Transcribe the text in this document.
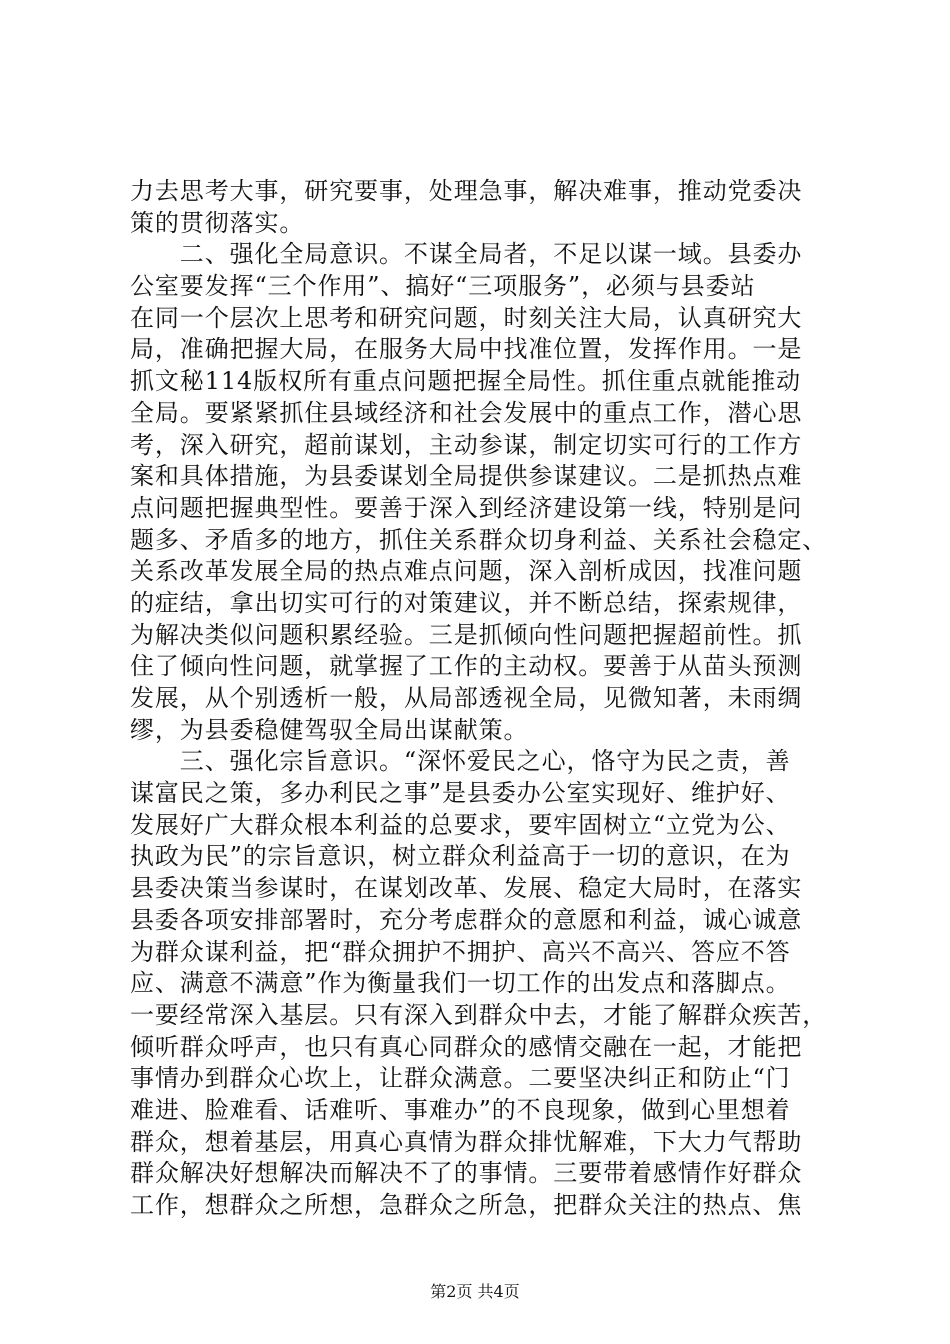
力去思考大事，研究要事，处理急事，解决难事，推动党委决
策的贯彻落实。
　　二、强化全局意识。不谋全局者，不足以谋一域。县委办
公室要发挥“三个作用”、搞好“三项服务”，必须与县委站
在同一个层次上思考和研究问题，时刻关注大局，认真研究大
局，准确把握大局，在服务大局中找准位置，发挥作用。一是
抓文秘114版权所有重点问题把握全局性。抓住重点就能推动
全局。要紧紧抓住县域经济和社会发展中的重点工作，潜心思
考，深入研究，超前谋划，主动参谋，制定切实可行的工作方
案和具体措施，为县委谋划全局提供参谋建议。二是抓热点难
点问题把握典型性。要善于深入到经济建设第一线，特别是问
题多、矛盾多的地方，抓住关系群众切身利益、关系社会稳定、
关系改革发展全局的热点难点问题，深入剖析成因，找准问题
的症结，拿出切实可行的对策建议，并不断总结，探索规律，
为解决类似问题积累经验。三是抓倾向性问题把握超前性。抓
住了倾向性问题，就掌握了工作的主动权。要善于从苗头预测
发展，从个别透析一般，从局部透视全局，见微知著，未雨绸
缪，为县委稳健驾驭全局出谋献策。
　　三、强化宗旨意识。“深怀爱民之心，恪守为民之责，善
谋富民之策，多办利民之事”是县委办公室实现好、维护好、
发展好广大群众根本利益的总要求，要牢固树立“立党为公、
执政为民”的宗旨意识，树立群众利益高于一切的意识，在为
县委决策当参谋时，在谋划改革、发展、稳定大局时，在落实
县委各项安排部署时，充分考虑群众的意愿和利益，诚心诚意
为群众谋利益，把“群众拥护不拥护、高兴不高兴、答应不答
应、满意不满意”作为衡量我们一切工作的出发点和落脚点。
一要经常深入基层。只有深入到群众中去，才能了解群众疾苦，
倾听群众呼声，也只有真心同群众的感情交融在一起，才能把
事情办到群众心坎上，让群众满意。二要坚决纠正和防止“门
难进、脸难看、话难听、事难办”的不良现象，做到心里想着
群众，想着基层，用真心真情为群众排忧解难，下大力气帮助
群众解决好想解决而解决不了的事情。三要带着感情作好群众
工作，想群众之所想，急群众之所急，把群众关注的热点、焦
第2页 共4页
